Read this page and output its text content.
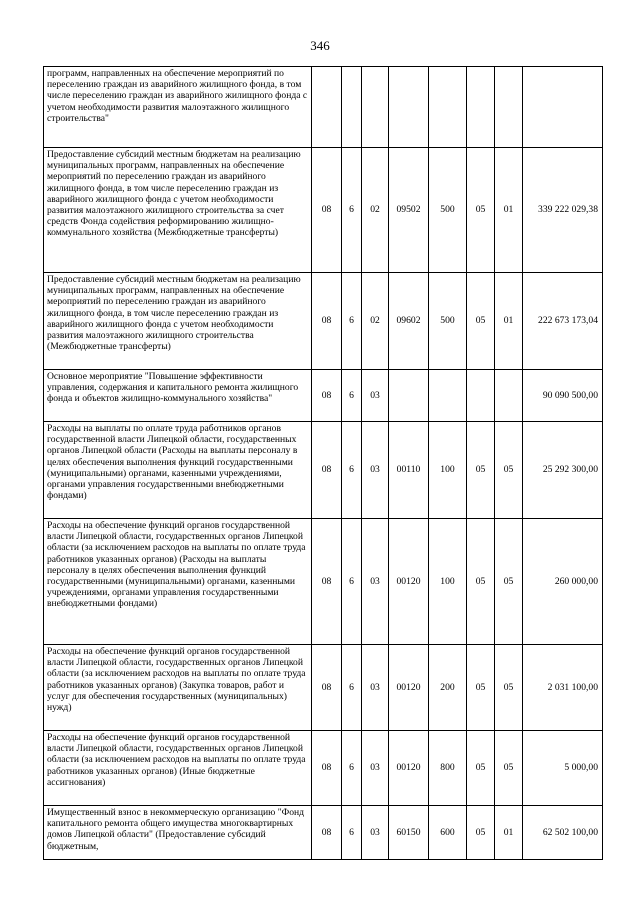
346
программ, направленных на обеспечение мероприятий по переселению граждан из аварийного жилищного фонда, в том числе переселению граждан из аварийного жилищного фонда с учетом необходимости развития малоэтажного жилищного строительства"								
Предоставление субсидий местным бюджетам на реализацию муниципальных программ, направленных на обеспечение мероприятий по переселению граждан из аварийного жилищного фонда, в том числе переселению граждан из аварийного жилищного фонда с учетом необходимости развития малоэтажного жилищного строительства за счет средств Фонда содействия реформированию жилищно-коммунального хозяйства (Межбюджетные трансферты)	08	6	02	09502	500	05	01	339 222 029,38
Предоставление субсидий местным бюджетам на реализацию муниципальных программ, направленных на обеспечение мероприятий по переселению граждан из аварийного жилищного фонда, в том числе переселению граждан из аварийного жилищного фонда с учетом необходимости развития малоэтажного жилищного строительства (Межбюджетные трансферты)	08	6	02	09602	500	05	01	222 673 173,04
Основное мероприятие "Повышение эффективности управления, содержания и капитального ремонта жилищного фонда и объектов жилищно-коммунального хозяйства"	08	6	03					90 090 500,00
Расходы на выплаты по оплате труда работников органов государственной власти Липецкой области, государственных органов Липецкой области (Расходы на выплаты персоналу в целях обеспечения выполнения функций государственными (муниципальными) органами, казенными учреждениями, органами управления государственными внебюджетными фондами)	08	6	03	00110	100	05	05	25 292 300,00
Расходы на обеспечение функций органов государственной власти Липецкой области, государственных органов Липецкой области (за исключением расходов на выплаты по оплате труда работников указанных органов) (Расходы на выплаты персоналу в целях обеспечения выполнения функций государственными (муниципальными) органами, казенными учреждениями, органами управления государственными внебюджетными фондами)	08	6	03	00120	100	05	05	260 000,00
Расходы на обеспечение функций органов государственной власти Липецкой области, государственных органов Липецкой области (за исключением расходов на выплаты по оплате труда работников указанных органов) (Закупка товаров, работ и услуг для обеспечения государственных (муниципальных) нужд)	08	6	03	00120	200	05	05	2 031 100,00
Расходы на обеспечение функций органов государственной власти Липецкой области, государственных органов Липецкой области (за исключением расходов на выплаты по оплате труда работников указанных органов) (Иные бюджетные ассигнования)	08	6	03	00120	800	05	05	5 000,00
Имущественный взнос в некоммерческую организацию "Фонд капитального ремонта общего имущества многоквартирных домов Липецкой области" (Предоставление субсидий бюджетным,	08	6	03	60150	600	05	01	62 502 100,00
